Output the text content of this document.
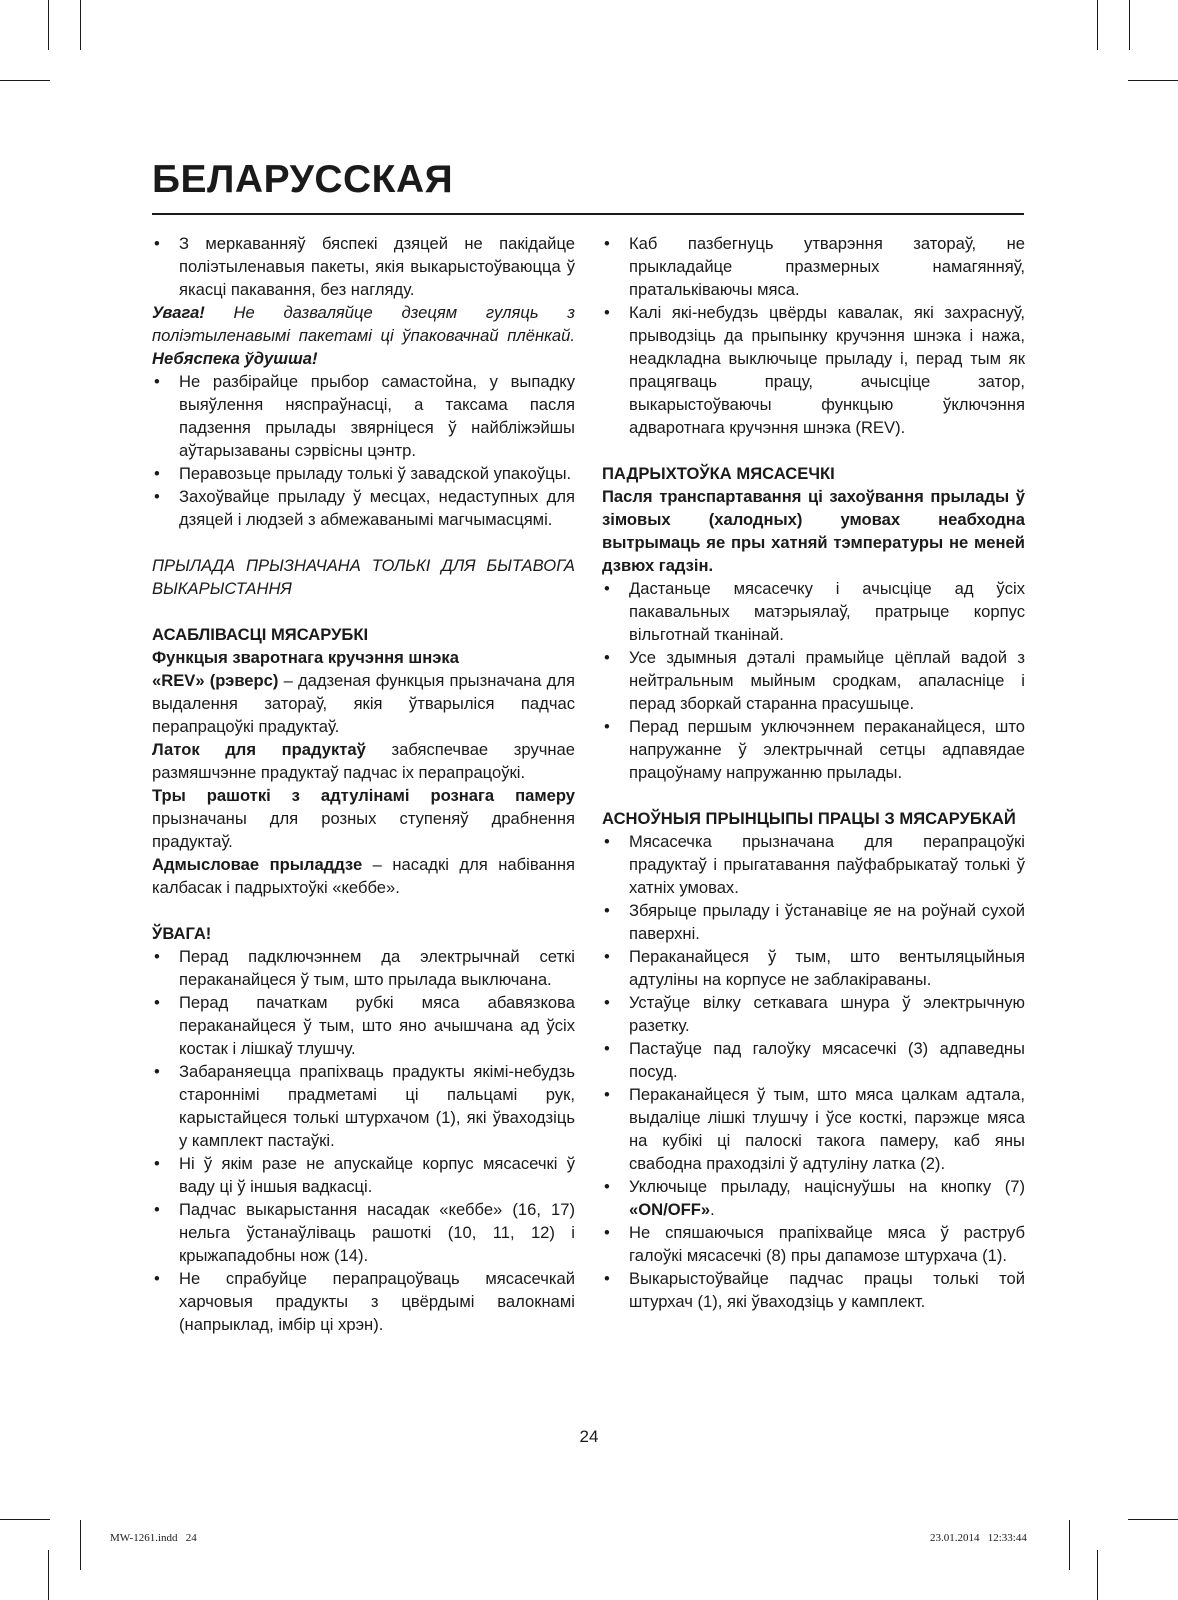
БЕЛАРУССКАЯ
• З меркаванняў бяспекі дзяцей не пакідайце поліэтыленавыя пакеты, якія выкарыстоўваюцца ў якасці пакавання, без нагляду.

Увага! Не дазваляйце дзецям гуляць з поліэтыленавымі пакетамі ці ўпаковачнай плёнкай. Небяспека ўдушша!

• Не разбірайце прыбор самастойна, у выпадку выяўлення няспраўнасці, а таксама пасля падзення прылады звярніцеся ў найбліжэйшы аўтарызаваны сэрвісны цэнтр.
• Перавозьце прыладу толькі ў завадской упакоўцы.
• Захоўвайце прыладу ў месцах, недаступных для дзяцей і людзей з абмежаванымі магчымасцямі.

ПРЫЛАДА ПРЫЗНАЧАНА ТОЛЬКІ ДЛЯ БЫТАВОГА ВЫКАРЫСТАННЯ

АСАБЛІВАСЦІ МЯСАРУБКІ
Функцыя зваротнага кручэння шнэка

«REV» (рэверс) – дадзеная функцыя прызначана для выдалення затораў, якія ўтварыліся падчас перапрацоўкі прадуктаў.

Латок для прадуктаў забяспечвае зручнае размяшчэнне прадуктаў падчас іх перапрацоўкі.

Тры рашоткі з адтулінамі рознага памеру прызначаны для розных ступеняў драбнення прадуктаў.

Адмысловае прыладдзе – насадкі для набівання калбасак і падрыхтоўкі «кеббе».

ЎВАГА!
• Перад падключэннем да электрычнай сеткі пераканайцеся ў тым, што прылада выключана.
• Перад пачаткам рубкі мяса абавязкова пераканайцеся ў тым, што яно ачышчана ад ўсіх костак і лішкаў тлушчу.
• Забараняецца прапіхваць прадукты якімі-небудзь староннімі прадметамі ці пальцамі рук, карыстайцеся толькі штурхачом (1), які ўваходзіць у камплект пастаўкі.
• Ні ў якім разе не апускайце корпус мясасечкі ў ваду ці ў іншыя вадкасці.
• Падчас выкарыстання насадак «кеббе» (16, 17) нельга ўстанаўліваць рашоткі (10, 11, 12) і крыжападобны нож (14).
• Не спрабуйце перапрацоўваць мясасечкай харчовыя прадукты з цвёрдымі валокнамі (напрыклад, імбір ці хрэн).
• Каб пазбегнуць утварэння затораў, не прыкладайце празмерных намагянняў, пратальківаючы мяса.
• Калі які-небудзь цвёрды кавалак, які захраснуў, прыводзіць да прыпынку кручэння шнэка і нажа, неадкладна выключыце прыладу і, перад тым як працягваць працу, ачысціце затор, выкарыстоўваючы функцыю ўключэння адваротнага кручэння шнэка (REV).
ПАДРЫХТОЎКА МЯСАСЕЧКІ

Пасля транспартавання ці захоўвання прылады ў зімовых (халодных) умовах неабходна вытрымаць яе пры хатняй тэмпературы не меней дзвюх гадзін.

• Дастаньце мясасечку і ачысціце ад ўсіх пакавальных матэрыялаў, пратрыце корпус вільготнай тканінай.
• Усе здымныя дэталі прамыйце цёплай вадой з нейтральным мыйным сродкам, апаласніце і перад зборкай старанна прасушыце.
• Перад першым уключэннем пераканайцеся, што напружанне ў электрычнай сетцы адпавядае працоўнаму напружанню прылады.
АСНОЎНЫЯ ПРЫНЦЫПЫ ПРАЦЫ З МЯСАРУБКАЙ
• Мясасечка прызначана для перапрацоўкі прадуктаў і прыгатавання паўфабрыкатаў толькі ў хатніх умовах.
• Збярыце прыладу і ўстанавіце яе на роўнай сухой паверхні.
• Пераканайцеся ў тым, што вентыляцыйныя адтуліны на корпусе не заблакіраваны.
• Устаўце вілку сеткавага шнура ў электрычную разетку.
• Пастаўце пад галоўку мясасечкі (3) адпаведны посуд.
• Пераканайцеся ў тым, што мяса цалкам адтала, выдаліце лішкі тлушчу і ўсе косткі, парэжце мяса на кубікі ці палоскі такога памеру, каб яны свабодна праходзілі ў адтуліну латка (2).
• Уключыце прыладу, націснуўшы на кнопку (7) «ON/OFF».
• Не спяшаючыся прапіхвайце мяса ў раструб галоўкі мясасечкі (8) пры дапамозе штурхача (1).
• Выкарыстоўвайце падчас працы толькі той штурхач (1), які ўваходзіць у камплект.
24
MW-1261.indd   24	23.01.2014   12:33:44
